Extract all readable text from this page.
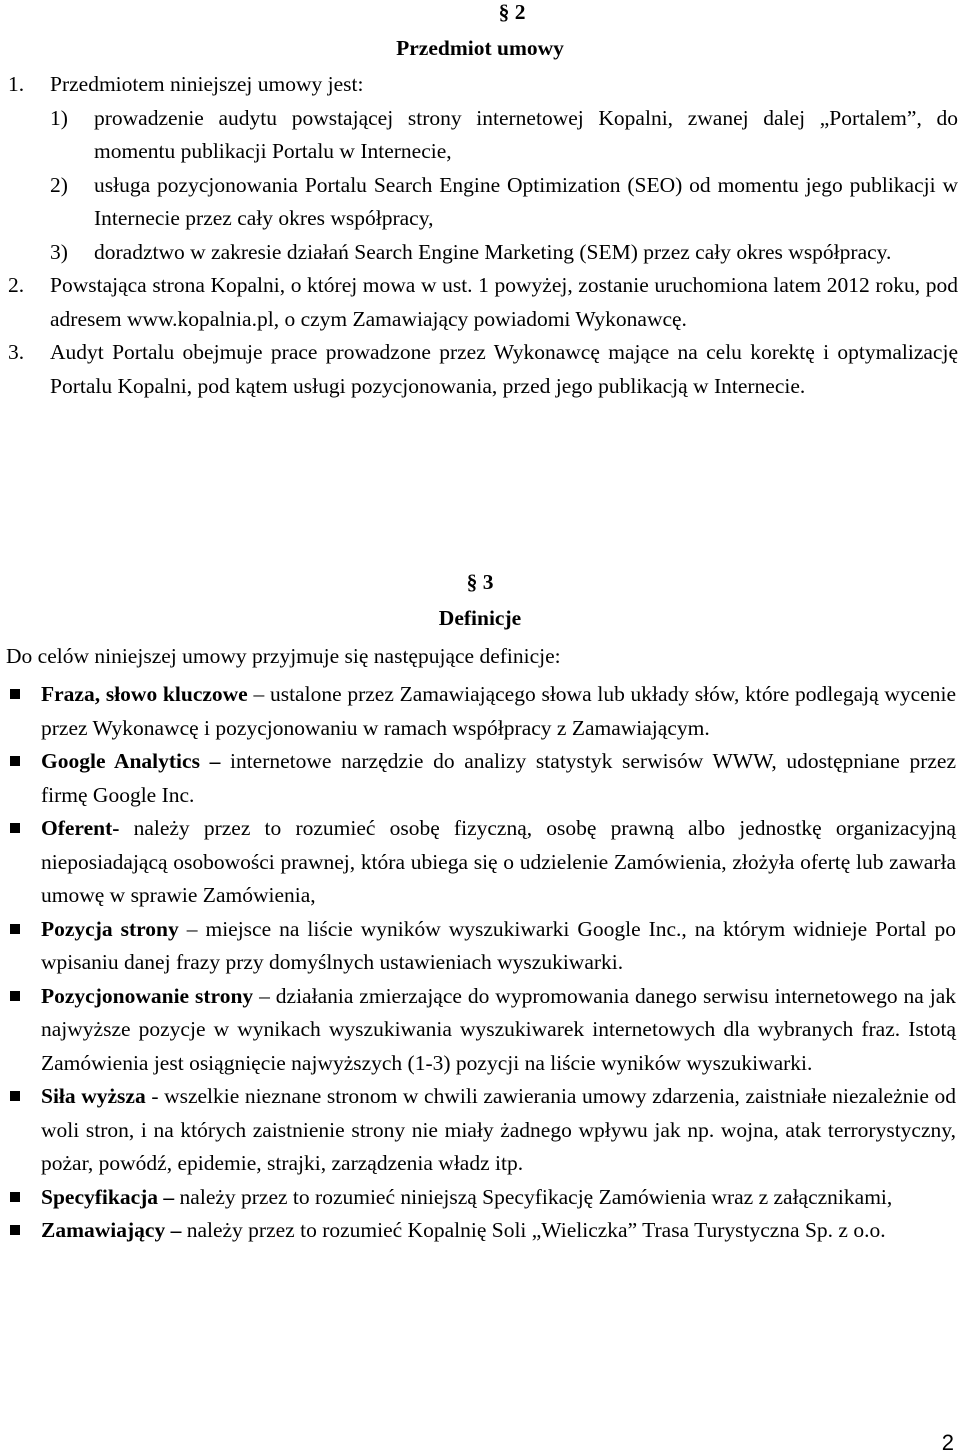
§ 2
Przedmiot umowy
1. Przedmiotem niniejszej umowy jest:
1) prowadzenie audytu powstającej strony internetowej Kopalni, zwanej dalej „Portalem”, do momentu publikacji Portalu w Internecie,
2) usługa pozycjonowania Portalu Search Engine Optimization (SEO) od momentu jego publikacji w Internecie przez cały okres współpracy,
3) doradztwo w zakresie działań Search Engine Marketing (SEM) przez cały okres współpracy.
2. Powstająca strona Kopalni, o której mowa w ust. 1 powyżej, zostanie uruchomiona latem 2012 roku, pod adresem www.kopalnia.pl, o czym Zamawiający powiadomi Wykonawcę.
3. Audyt Portalu obejmuje prace prowadzone przez Wykonawcę mające na celu korektę i optymalizację Portalu Kopalni, pod kątem usługi pozycjonowania, przed jego publikacją w Internecie.
§ 3
Definicje
Do celów niniejszej umowy przyjmuje się następujące definicje:
Fraza, słowo kluczowe – ustalone przez Zamawiającego słowa lub układy słów, które podlegają wycenie przez Wykonawcę i pozycjonowaniu w ramach współpracy z Zamawiającym.
Google Analytics – internetowe narzędzie do analizy statystyk serwisów WWW, udostępniane przez firmę Google Inc.
Oferent- należy przez to rozumieć osobę fizyczną, osobę prawną albo jednostkę organizacyjną nieposiadającą osobowości prawnej, która ubiega się o udzielenie Zamówienia, złożyła ofertę lub zawarła umowę w sprawie Zamówienia,
Pozycja strony – miejsce na liście wyników wyszukiwarki Google Inc., na którym widnieje Portal po wpisaniu danej frazy przy domyślnych ustawieniach wyszukiwarki.
Pozycjonowanie strony – działania zmierzające do wypromowania danego serwisu internetowego na jak najwyższe pozycje w wynikach wyszukiwania wyszukiwarek internetowych dla wybranych fraz. Istotą Zamówienia jest osiągnięcie najwyższych (1-3) pozycji na liście wyników wyszukiwarki.
Siła wyższa - wszelkie nieznane stronom w chwili zawierania umowy zdarzenia, zaistniałe niezależnie od woli stron, i na których zaistnienie strony nie miały żadnego wpływu jak np. wojna, atak terrorystyczny, pożar, powódź, epidemie, strajki, zarządzenia władz itp.
Specyfikacja – należy przez to rozumieć niniejszą Specyfikację Zamówienia wraz z załącznikami,
Zamawiający – należy przez to rozumieć Kopalnię Soli „Wieliczka” Trasa Turystyczna Sp. z o.o.
2
